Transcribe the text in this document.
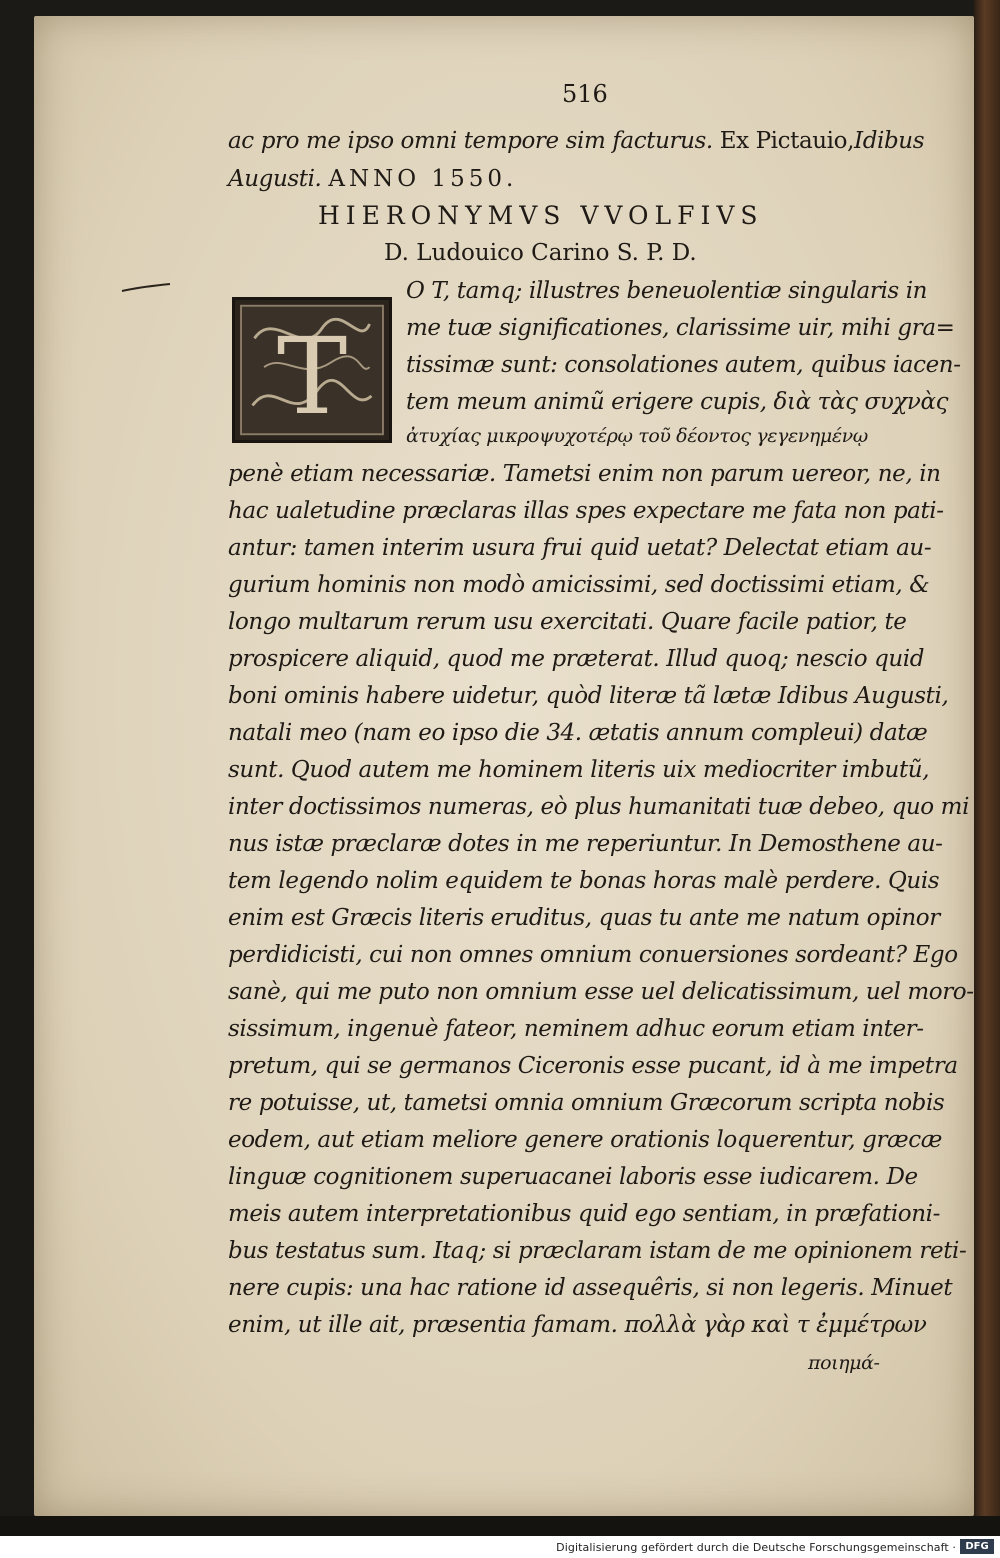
516
ac pro me ipso omni tempore sim facturus. Ex Pictauio,Idibus
Augusti. ANNO 1550.
HIERONYMVS VVOLFIVS
D. Ludouico Carino S. P. D.
T
O T, tamq; illustres beneuolentiæ singularis in
me tuæ significationes, clarissime uir, mihi gra=
tissimæ sunt: consolationes autem, quibus iacen-
tem meum animũ erigere cupis, διὰ τὰς συχνὰς
ἀτυχίας μικροψυχοτέρῳ τοῦ δέοντος γεγενημένῳ
penè etiam necessariæ. Tametsi enim non parum uereor, ne, in
hac ualetudine præclaras illas spes expectare me fata non pati-
antur: tamen interim usura frui quid uetat? Delectat etiam au-
gurium hominis non modò amicissimi, sed doctissimi etiam, &
longo multarum rerum usu exercitati. Quare facile patior, te
prospicere aliquid, quod me præterat. Illud quoq; nescio quid
boni ominis habere uidetur, quòd literæ tã lætæ Idibus Augusti,
natali meo (nam eo ipso die 34. ætatis annum compleui) datæ
sunt. Quod autem me hominem literis uix mediocriter imbutũ,
inter doctissimos numeras, eò plus humanitati tuæ debeo, quo mi
nus istæ præclaræ dotes in me reperiuntur. In Demosthene au-
tem legendo nolim equidem te bonas horas malè perdere. Quis
enim est Græcis literis eruditus, quas tu ante me natum opinor
perdidicisti, cui non omnes omnium conuersiones sordeant? Ego
sanè, qui me puto non omnium esse uel delicatissimum, uel moro-
sissimum, ingenuè fateor, neminem adhuc eorum etiam inter-
pretum, qui se germanos Ciceronis esse pucant, id à me impetra
re potuisse, ut, tametsi omnia omnium Græcorum scripta nobis
eodem, aut etiam meliore genere orationis loquerentur, græcæ
linguæ cognitionem superuacanei laboris esse iudicarem. De
meis autem interpretationibus quid ego sentiam, in præfationi-
bus testatus sum. Itaq; si præclaram istam de me opinionem reti-
nere cupis: una hac ratione id assequêris, si non legeris. Minuet
enim, ut ille ait, præsentia famam. πολλὰ γὰρ καὶ τ ἐμμέτρων
ποιημά-
Digitalisierung gefördert durch die Deutsche Forschungsgemeinschaft · DFG
